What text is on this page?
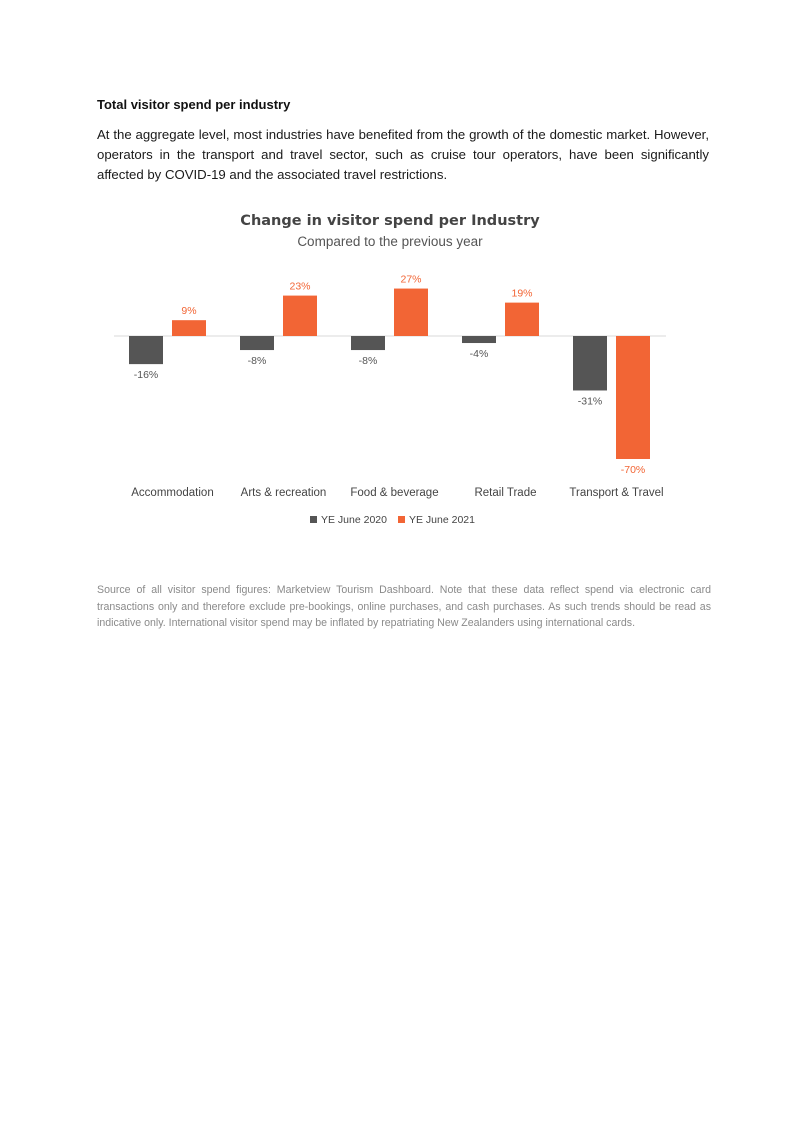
Total visitor spend per industry

At the aggregate level, most industries have benefited from the growth of the domestic market. However, operators in the transport and travel sector, such as cruise tour operators, have been significantly affected by COVID-19 and the associated travel restrictions.

Change in visitor spend per Industry
Compared to the previous year
-16%
9%
-8%
23%
-8%
27%
-4%
19%
-31%
-70%
Accommodation Arts & recreation Food & beverage	Retail Trade	Transport & Travel
YE June 2020 YE June 2021

Source of all visitor spend figures: Marketview Tourism Dashboard. Note that these data reflect spend via electronic card transactions only and therefore exclude pre-bookings, online purchases, and cash purchases. As such trends should be read as indicative only. International visitor spend may be inflated by repatriating New Zealanders using international cards.
